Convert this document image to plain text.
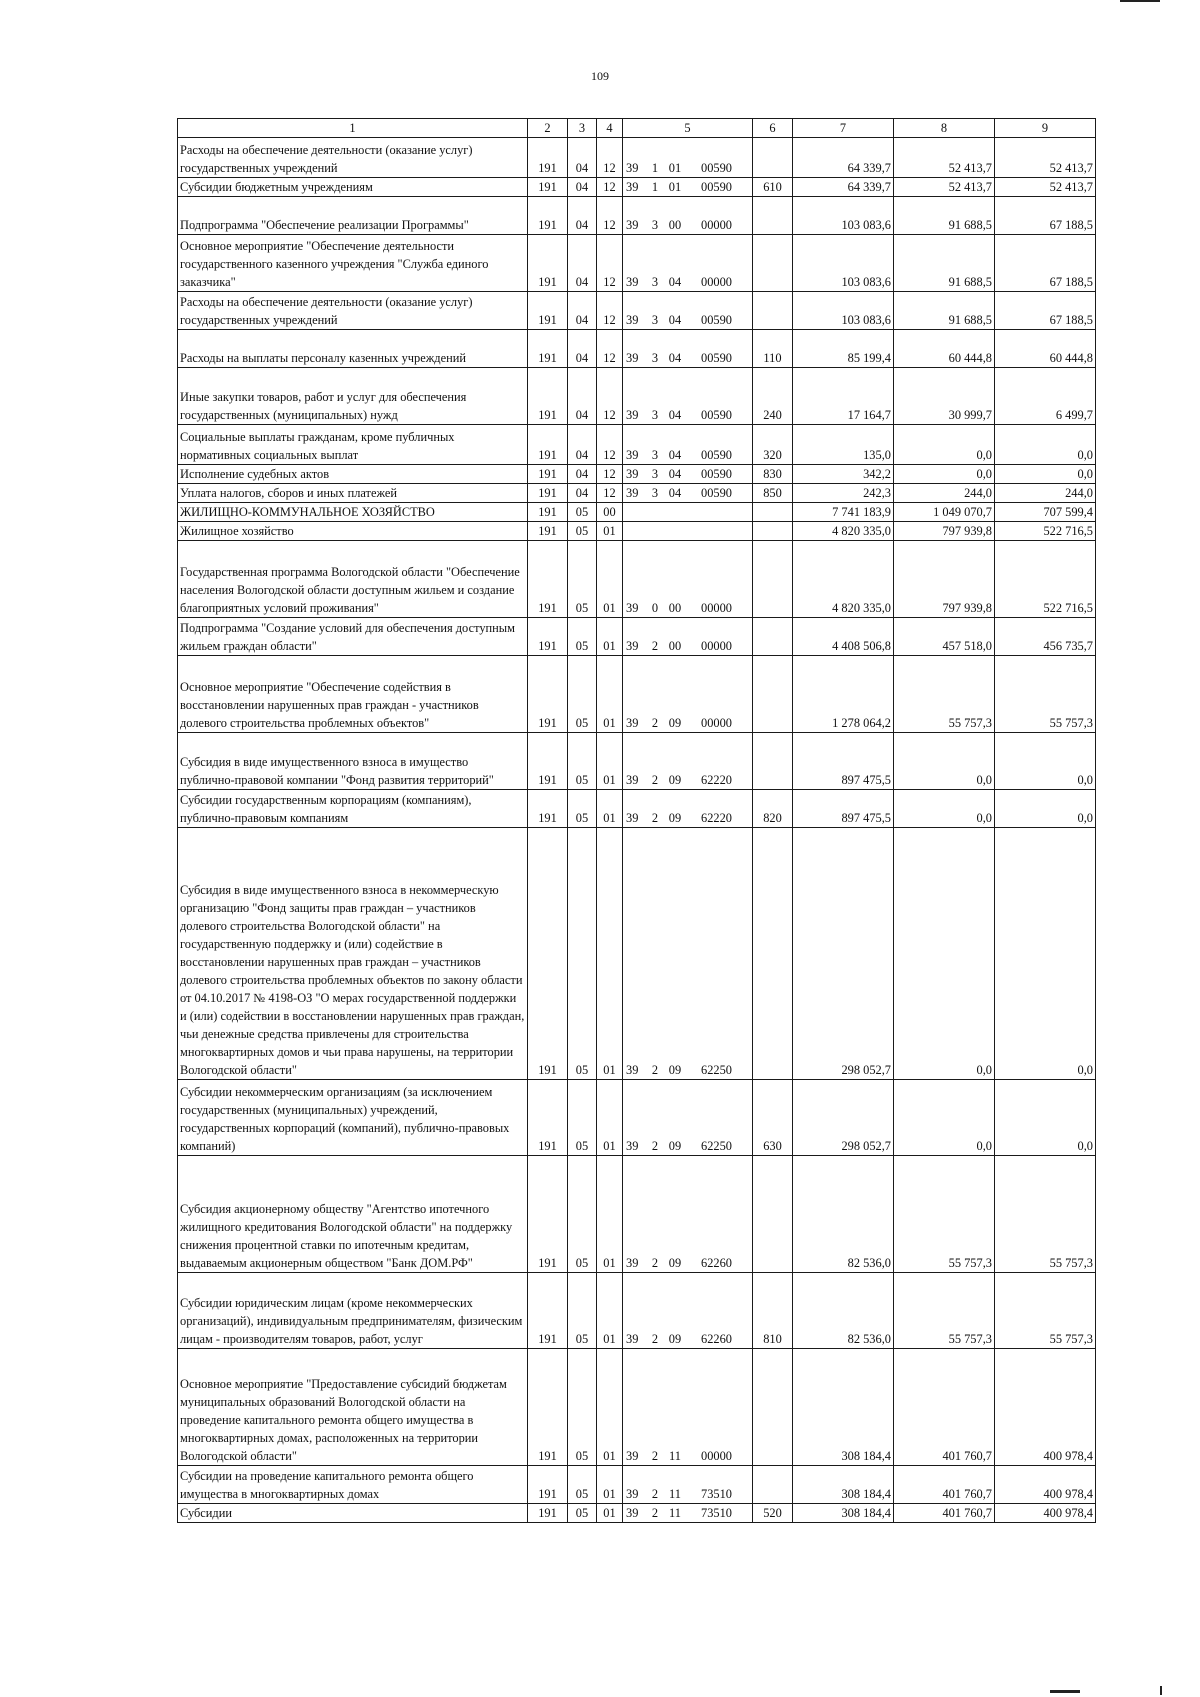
109
1	2	3	4	5	6	7	8	9
Расходы на обеспечение деятельности (оказание услуг) государственных учреждений	191	04	12	39 1 01 00590		64 339,7	52 413,7	52 413,7
Субсидии бюджетным учреждениям	191	04	12	39 1 01 00590	610	64 339,7	52 413,7	52 413,7
Подпрограмма "Обеспечение реализации Программы"	191	04	12	39 3 00 00000		103 083,6	91 688,5	67 188,5
Основное мероприятие "Обеспечение деятельности государственного казенного учреждения "Служба единого заказчика"	191	04	12	39 3 04 00000		103 083,6	91 688,5	67 188,5
Расходы на обеспечение деятельности (оказание услуг) государственных учреждений	191	04	12	39 3 04 00590		103 083,6	91 688,5	67 188,5
Расходы на выплаты персоналу казенных учреждений	191	04	12	39 3 04 00590	110	85 199,4	60 444,8	60 444,8
Иные закупки товаров, работ и услуг для обеспечения государственных (муниципальных) нужд	191	04	12	39 3 04 00590	240	17 164,7	30 999,7	6 499,7
Социальные выплаты гражданам, кроме публичных нормативных социальных выплат	191	04	12	39 3 04 00590	320	135,0	0,0	0,0
Исполнение судебных актов	191	04	12	39 3 04 00590	830	342,2	0,0	0,0
Уплата налогов, сборов и иных платежей	191	04	12	39 3 04 00590	850	242,3	244,0	244,0
ЖИЛИЩНО-КОММУНАЛЬНОЕ ХОЗЯЙСТВО	191	05	00			7 741 183,9	1 049 070,7	707 599,4
Жилищное хозяйство	191	05	01			4 820 335,0	797 939,8	522 716,5
Государственная программа Вологодской области "Обеспечение населения Вологодской области доступным жильем и создание благоприятных условий проживания"	191	05	01	39 0 00 00000		4 820 335,0	797 939,8	522 716,5
Подпрограмма "Создание условий для обеспечения доступным жильем граждан области"	191	05	01	39 2 00 00000		4 408 506,8	457 518,0	456 735,7
Основное мероприятие "Обеспечение содействия в восстановлении нарушенных прав граждан - участников долевого строительства проблемных объектов"	191	05	01	39 2 09 00000		1 278 064,2	55 757,3	55 757,3
Субсидия в виде имущественного взноса в имущество публично-правовой компании "Фонд развития территорий"	191	05	01	39 2 09 62220		897 475,5	0,0	0,0
Субсидии государственным корпорациям (компаниям), публично-правовым компаниям	191	05	01	39 2 09 62220	820	897 475,5	0,0	0,0
Субсидия в виде имущественного взноса в некоммерческую организацию "Фонд защиты прав граждан – участников долевого строительства Вологодской области" на государственную поддержку и (или) содействие в восстановлении нарушенных прав граждан – участников долевого строительства проблемных объектов по закону области от 04.10.2017 № 4198-ОЗ "О мерах государственной поддержки и (или) содействии в восстановлении нарушенных прав граждан, чьи денежные средства привлечены для строительства многоквартирных домов и чьи права нарушены, на территории Вологодской области"	191	05	01	39 2 09 62250		298 052,7	0,0	0,0
Субсидии некоммерческим организациям (за исключением государственных (муниципальных) учреждений, государственных корпораций (компаний), публично-правовых компаний)	191	05	01	39 2 09 62250	630	298 052,7	0,0	0,0
Субсидия акционерному обществу "Агентство ипотечного жилищного кредитования Вологодской области" на поддержку снижения процентной ставки по ипотечным кредитам, выдаваемым акционерным обществом "Банк ДОМ.РФ"	191	05	01	39 2 09 62260		82 536,0	55 757,3	55 757,3
Субсидии юридическим лицам (кроме некоммерческих организаций), индивидуальным предпринимателям, физическим лицам - производителям товаров, работ, услуг	191	05	01	39 2 09 62260	810	82 536,0	55 757,3	55 757,3
Основное мероприятие "Предоставление субсидий бюджетам муниципальных образований Вологодской области на проведение капитального ремонта общего имущества в многоквартирных домах, расположенных на территории Вологодской области"	191	05	01	39 2 11 00000		308 184,4	401 760,7	400 978,4
Субсидии на проведение капитального ремонта общего имущества в многоквартирных домах	191	05	01	39 2 11 73510		308 184,4	401 760,7	400 978,4
Субсидии	191	05	01	39 2 11 73510	520	308 184,4	401 760,7	400 978,4
